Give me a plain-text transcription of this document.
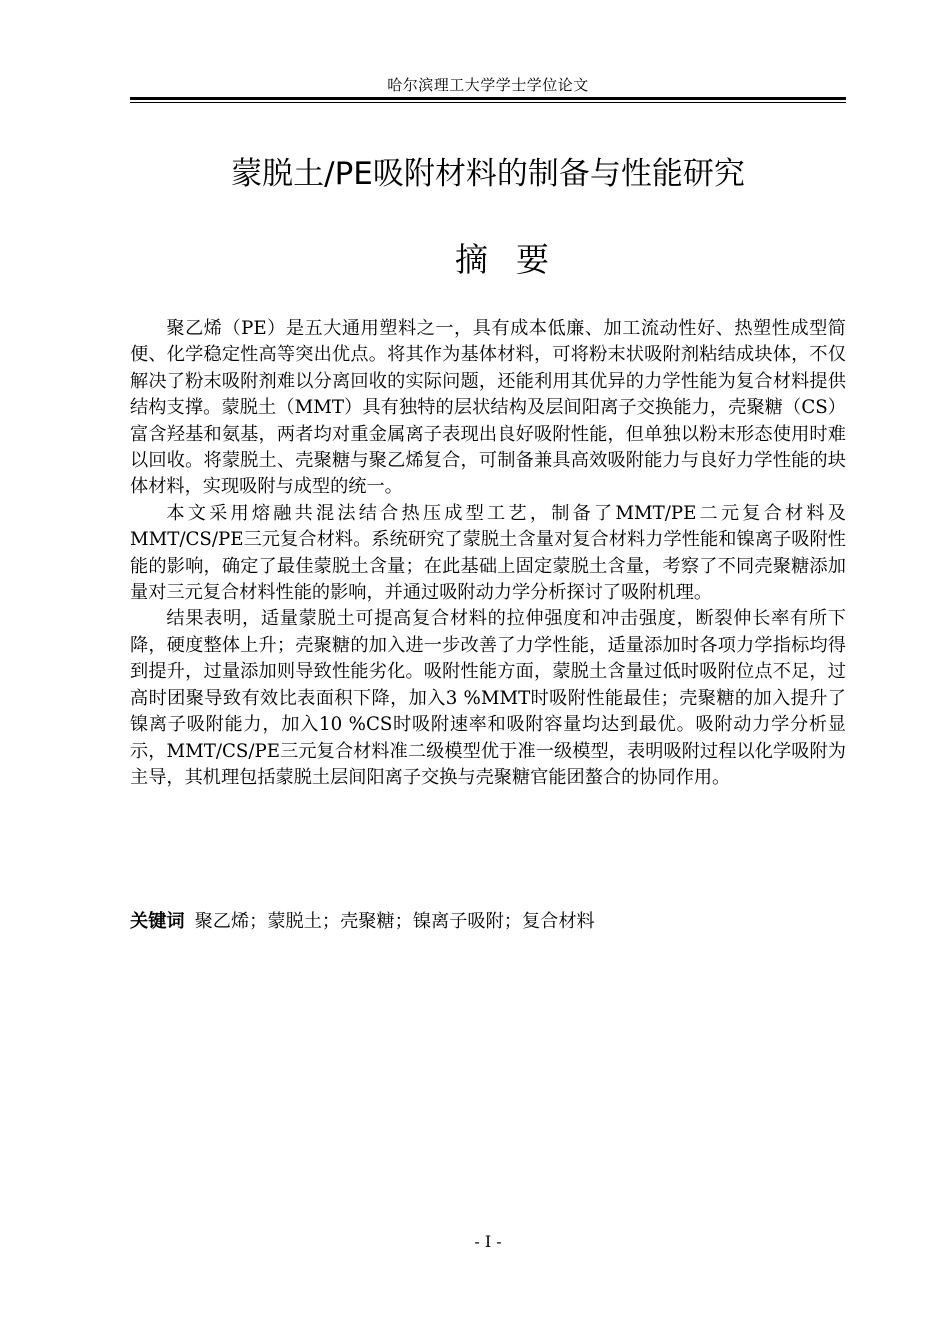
哈尔滨理工大学学士学位论文
蒙脱土/PE吸附材料的制备与性能研究
摘要

聚乙烯（PE）是五大通用塑料之一，具有成本低廉、加工流动性好、热塑性成型简便、化学稳定性高等突出优点。将其作为基体材料，可将粉末状吸附剂粘结成块体，不仅解决了粉末吸附剂难以分离回收的实际问题，还能利用其优异的力学性能为复合材料提供结构支撑。蒙脱土（MMT）具有独特的层状结构及层间阳离子交换能力，壳聚糖（CS）富含羟基和氨基，两者均对重金属离子表现出良好吸附性能，但单独以粉末形态使用时难以回收。将蒙脱土、壳聚糖与聚乙烯复合，可制备兼具高效吸附能力与良好力学性能的块体材料，实现吸附与成型的统一。

本文采用熔融共混法结合热压成型工艺，制备了MMT/PE二元复合材料及MMT/CS/PE三元复合材料。系统研究了蒙脱土含量对复合材料力学性能和镍离子吸附性能的影响，确定了最佳蒙脱土含量；在此基础上固定蒙脱土含量，考察了不同壳聚糖添加量对三元复合材料性能的影响，并通过吸附动力学分析探讨了吸附机理。

结果表明，适量蒙脱土可提高复合材料的拉伸强度和冲击强度，断裂伸长率有所下降，硬度整体上升；壳聚糖的加入进一步改善了力学性能，适量添加时各项力学指标均得到提升，过量添加则导致性能劣化。吸附性能方面，蒙脱土含量过低时吸附位点不足，过高时团聚导致有效比表面积下降，加入3 %MMT时吸附性能最佳；壳聚糖的加入提升了镍离子吸附能力，加入10 %CS时吸附速率和吸附容量均达到最优。吸附动力学分析显示，MMT/CS/PE三元复合材料准二级模型优于准一级模型，表明吸附过程以化学吸附为主导，其机理包括蒙脱土层间阳离子交换与壳聚糖官能团螯合的协同作用。

关键词 聚乙烯；蒙脱土；壳聚糖；镍离子吸附；复合材料
- I -
